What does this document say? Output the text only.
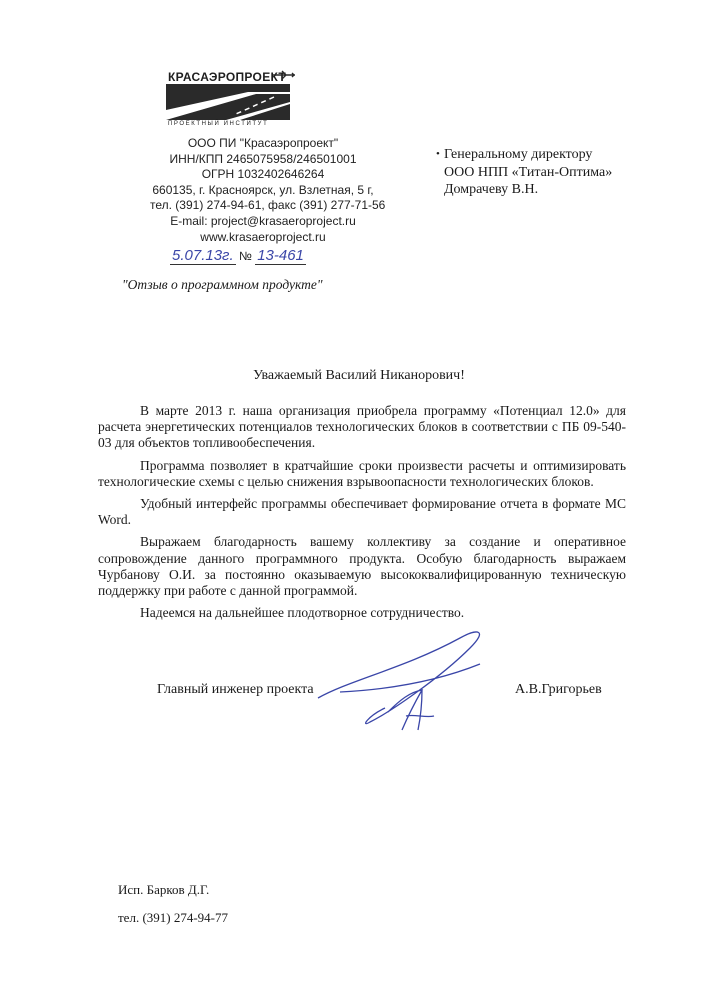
КРАСАЭРОПРОЕКТ
ПРОЕКТНЫЙ ИНСТИТУТ
ООО ПИ "Красаэропроект"
ИНН/КПП 2465075958/246501001
ОГРН 1032402646264
660135, г. Красноярск, ул. Взлетная, 5 г,
тел. (391) 274-94-61, факс (391) 277-71-56
E-mail: project@krasaeroproject.ru
www.krasaeroproject.ru
5.07.13г. № 13-461
"Отзыв о программном продукте"
• Генеральному директору
ООО НПП «Титан-Оптима»
Домрачеву В.Н.
Уважаемый Василий Никанорович!

В марте 2013 г. наша организация приобрела программу «Потенциал 12.0» для расчета энергетических потенциалов технологических блоков в соответствии с ПБ 09-540-03 для объектов топливообеспечения.

Программа позволяет в кратчайшие сроки произвести расчеты и оптимизировать технологические схемы с целью снижения взрывоопасности технологических блоков.

Удобный интерфейс программы обеспечивает формирование отчета в формате MC Word.

Выражаем благодарность вашему коллективу за создание и оперативное сопровождение данного программного продукта. Особую благодарность выражаем Чурбанову О.И. за постоянно оказываемую высококвалифицированную техническую поддержку при работе с данной программой.

Надеемся на дальнейшее плодотворное сотрудничество.

Главный инженер проекта	А.В.Григорьев
Исп. Барков Д.Г.
тел. (391) 274-94-77
